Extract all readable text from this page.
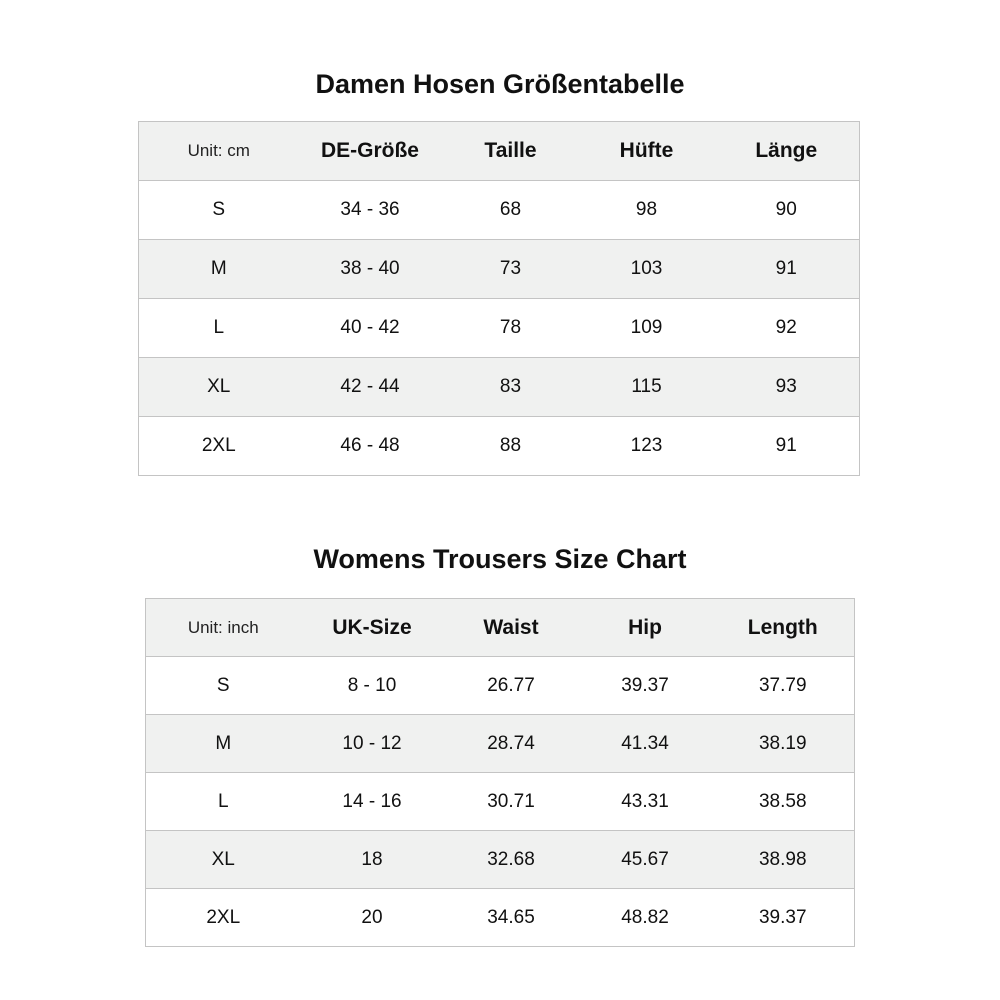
Damen Hosen Größentabelle
Unit: cm	DE-Größe	Taille	Hüfte	Länge
S	34 - 36	68	98	90
M	38 - 40	73	103	91
L	40 - 42	78	109	92
XL	42 - 44	83	115	93
2XL	46 - 48	88	123	91
Womens Trousers Size Chart
Unit: inch	UK-Size	Waist	Hip	Length
S	8 - 10	26.77	39.37	37.79
M	10 - 12	28.74	41.34	38.19
L	14 - 16	30.71	43.31	38.58
XL	18	32.68	45.67	38.98
2XL	20	34.65	48.82	39.37
